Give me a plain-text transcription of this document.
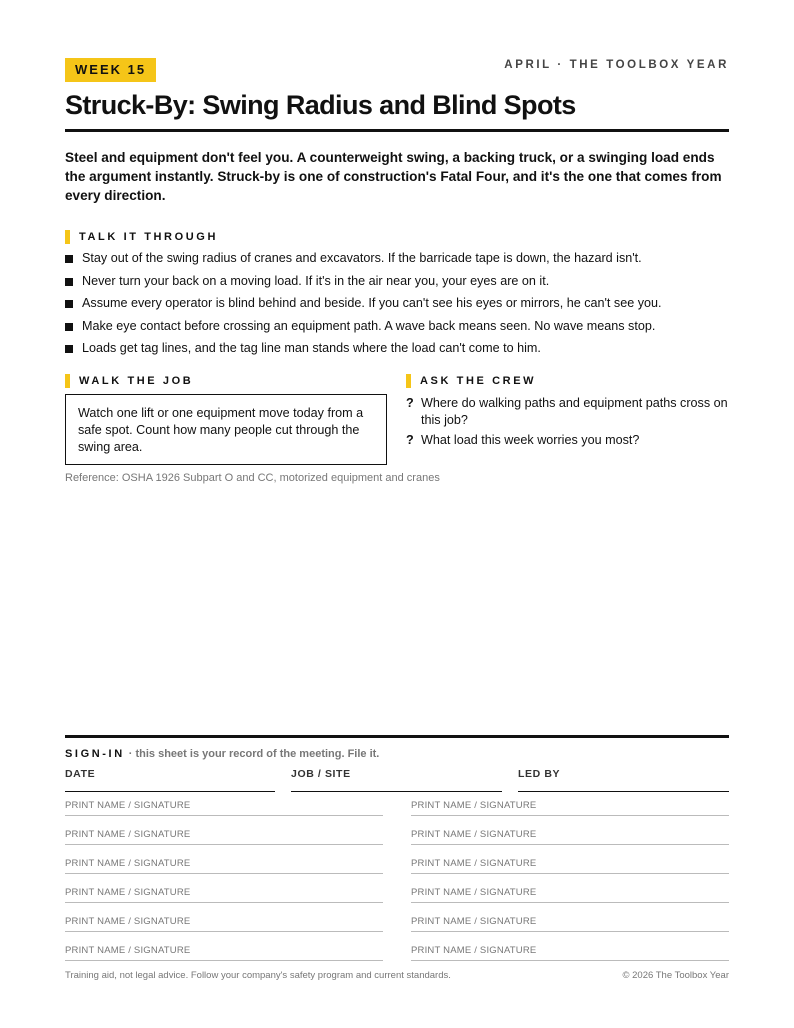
WEEK 15	APRIL · THE TOOLBOX YEAR
Struck-By: Swing Radius and Blind Spots

Steel and equipment don't feel you. A counterweight swing, a backing truck, or a swinging load ends the argument instantly. Struck-by is one of construction's Fatal Four, and it's the one that comes from every direction.

TALK IT THROUGH
Stay out of the swing radius of cranes and excavators. If the barricade tape is down, the hazard isn't.
Never turn your back on a moving load. If it's in the air near you, your eyes are on it.
Assume every operator is blind behind and beside. If you can't see his eyes or mirrors, he can't see you.
Make eye contact before crossing an equipment path. A wave back means seen. No wave means stop.
Loads get tag lines, and the tag line man stands where the load can't come to him.
WALK THE JOB
Watch one lift or one equipment move today from a safe spot. Count how many people cut through the swing area.
ASK THE CREW
? Where do walking paths and equipment paths cross on this job?
? What load this week worries you most?
Reference: OSHA 1926 Subpart O and CC, motorized equipment and cranes
SIGN-IN · this sheet is your record of the meeting. File it.
DATE	JOB / SITE	LED BY
PRINT NAME / SIGNATURE	PRINT NAME / SIGNATURE
PRINT NAME / SIGNATURE	PRINT NAME / SIGNATURE
PRINT NAME / SIGNATURE	PRINT NAME / SIGNATURE
PRINT NAME / SIGNATURE	PRINT NAME / SIGNATURE
PRINT NAME / SIGNATURE	PRINT NAME / SIGNATURE
PRINT NAME / SIGNATURE	PRINT NAME / SIGNATURE
Training aid, not legal advice. Follow your company's safety program and current standards.	© 2026 The Toolbox Year
